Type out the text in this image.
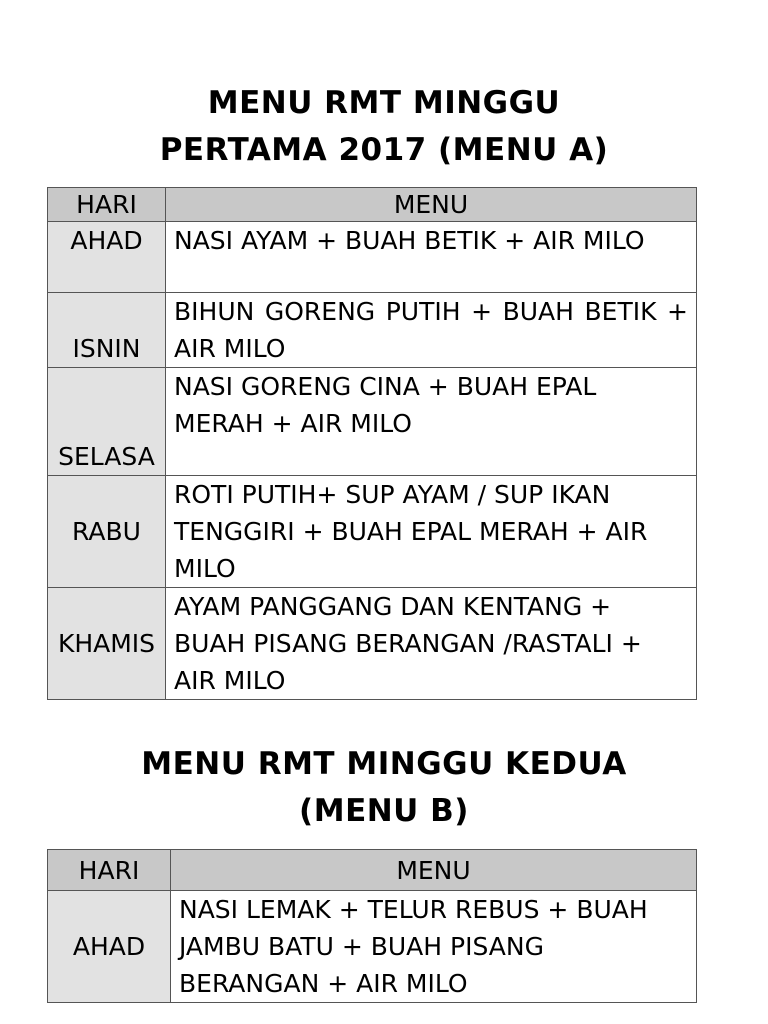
MENU RMT MINGGU
PERTAMA 2017 (MENU A)
HARI	MENU

AHAD	NASI AYAM + BUAH BETIK + AIR MILO

ISNIN	BIHUN GORENG PUTIH + BUAH BETIK + AIR MILO

SELASA	NASI GORENG CINA + BUAH EPAL MERAH + AIR MILO

RABU	ROTI PUTIH+ SUP AYAM / SUP IKAN TENGGIRI + BUAH EPAL MERAH + AIR MILO

KHAMIS	AYAM PANGGANG DAN KENTANG + BUAH PISANG BERANGAN /RASTALI + AIR MILO
MENU RMT MINGGU KEDUA
(MENU B)
HARI	MENU

AHAD	NASI LEMAK + TELUR REBUS + BUAH JAMBU BATU + BUAH PISANG BERANGAN + AIR MILO
